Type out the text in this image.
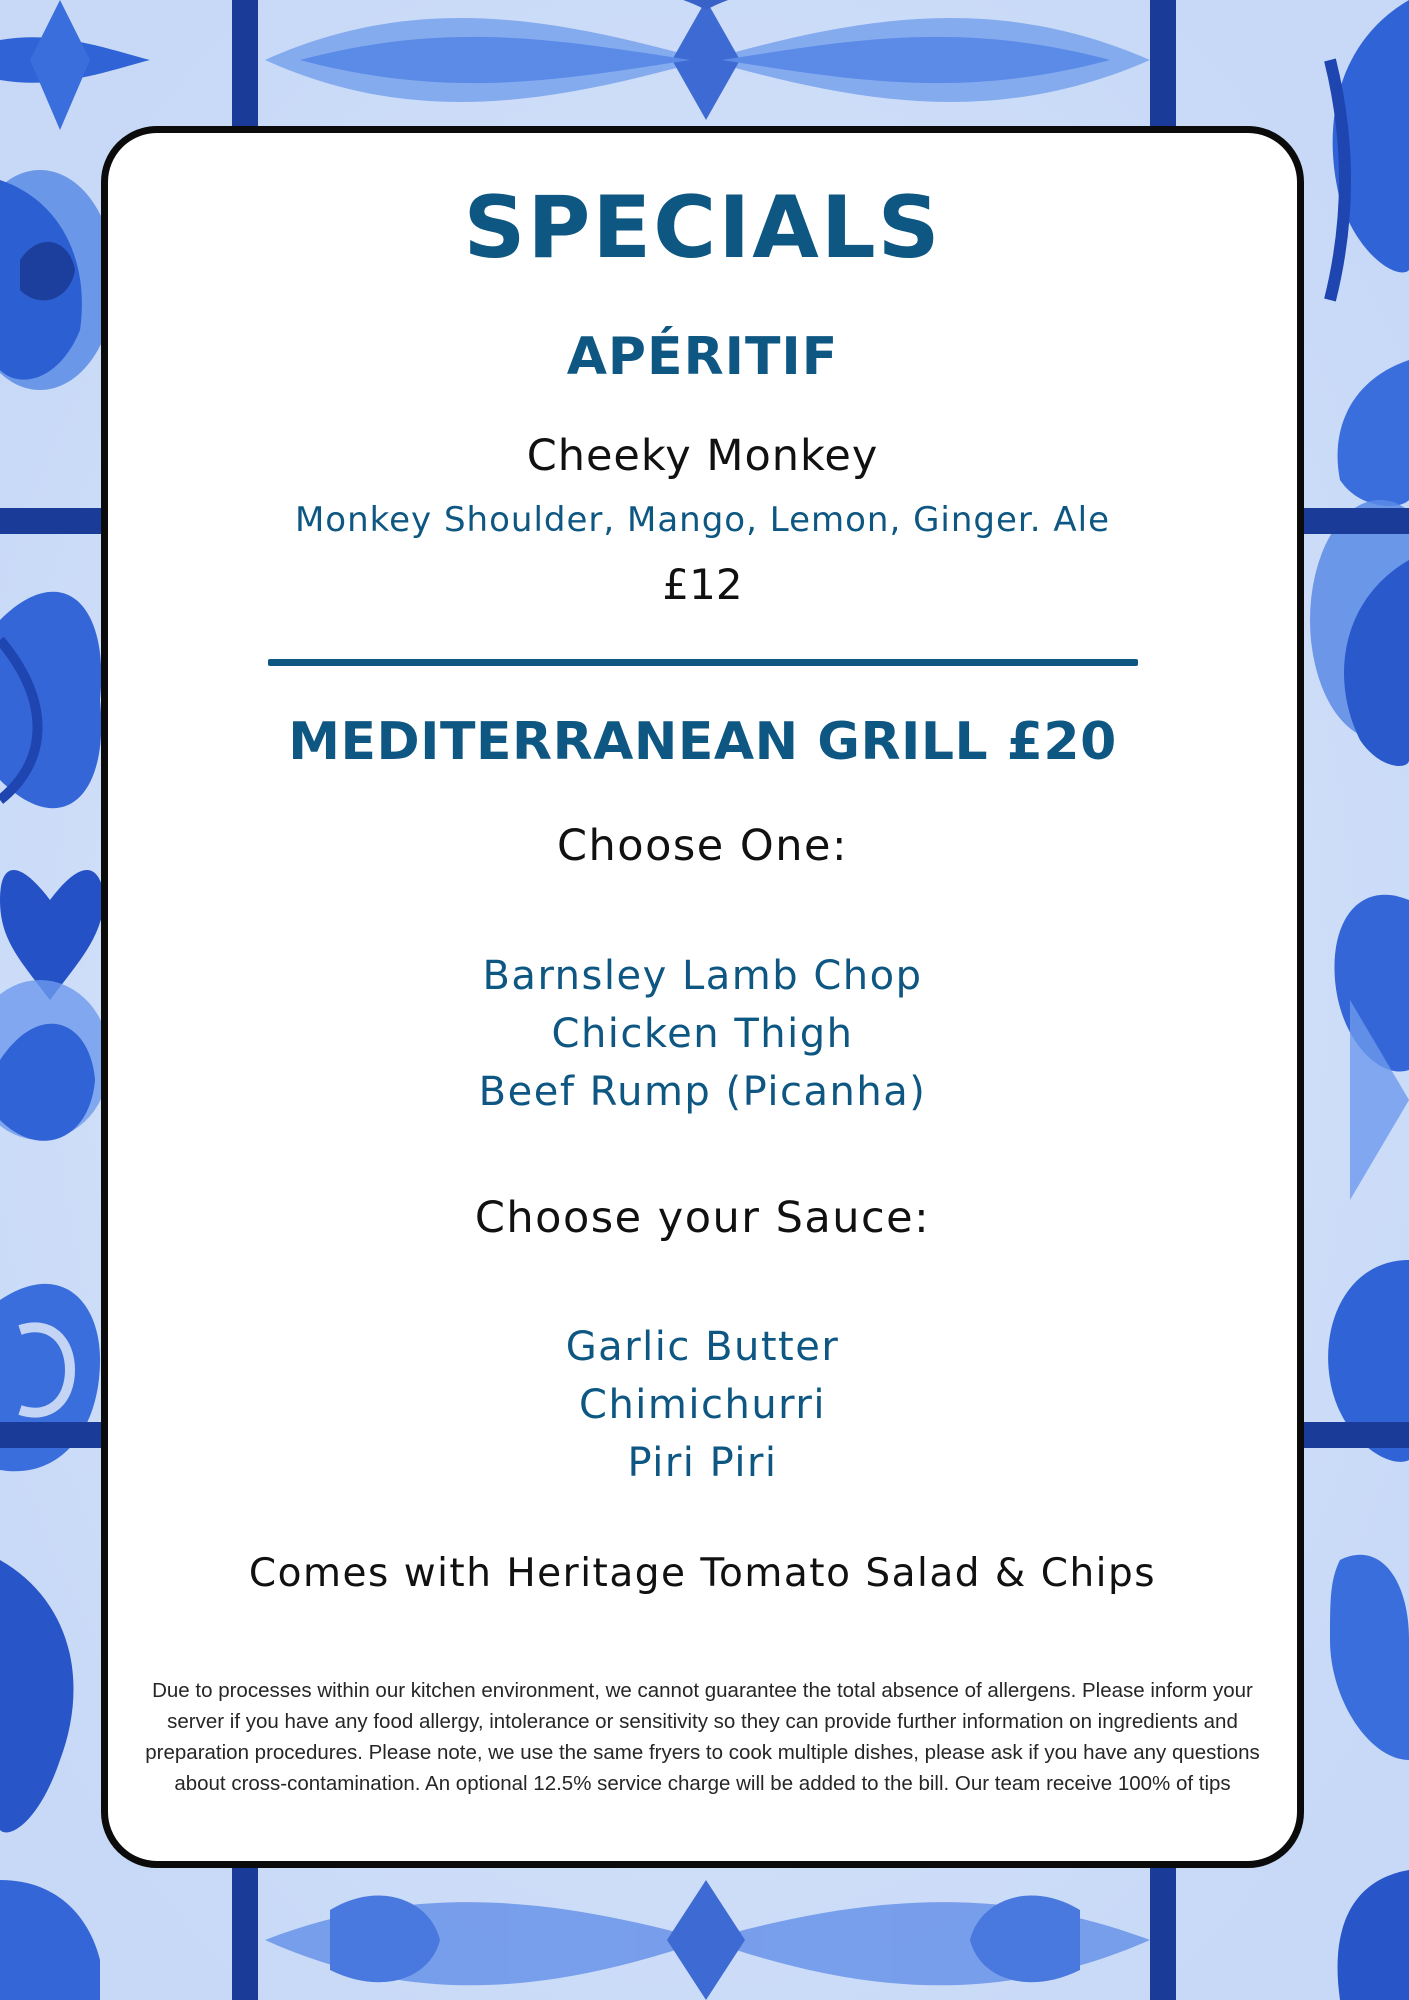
SPECIALS
APÉRITIF

Cheeky Monkey

Monkey Shoulder, Mango, Lemon, Ginger. Ale

£12

MEDITERRANEAN GRILL £20

Choose One:

Barnsley Lamb Chop

Chicken Thigh

Beef Rump (Picanha)

Choose your Sauce:

Garlic Butter

Chimichurri

Piri Piri

Comes with Heritage Tomato Salad & Chips

Due to processes within our kitchen environment, we cannot guarantee the total absence of allergens. Please inform your server if you have any food allergy, intolerance or sensitivity so they can provide further information on ingredients and preparation procedures. Please note, we use the same fryers to cook multiple dishes, please ask if you have any questions about cross-contamination. An optional 12.5% service charge will be added to the bill. Our team receive 100% of tips
